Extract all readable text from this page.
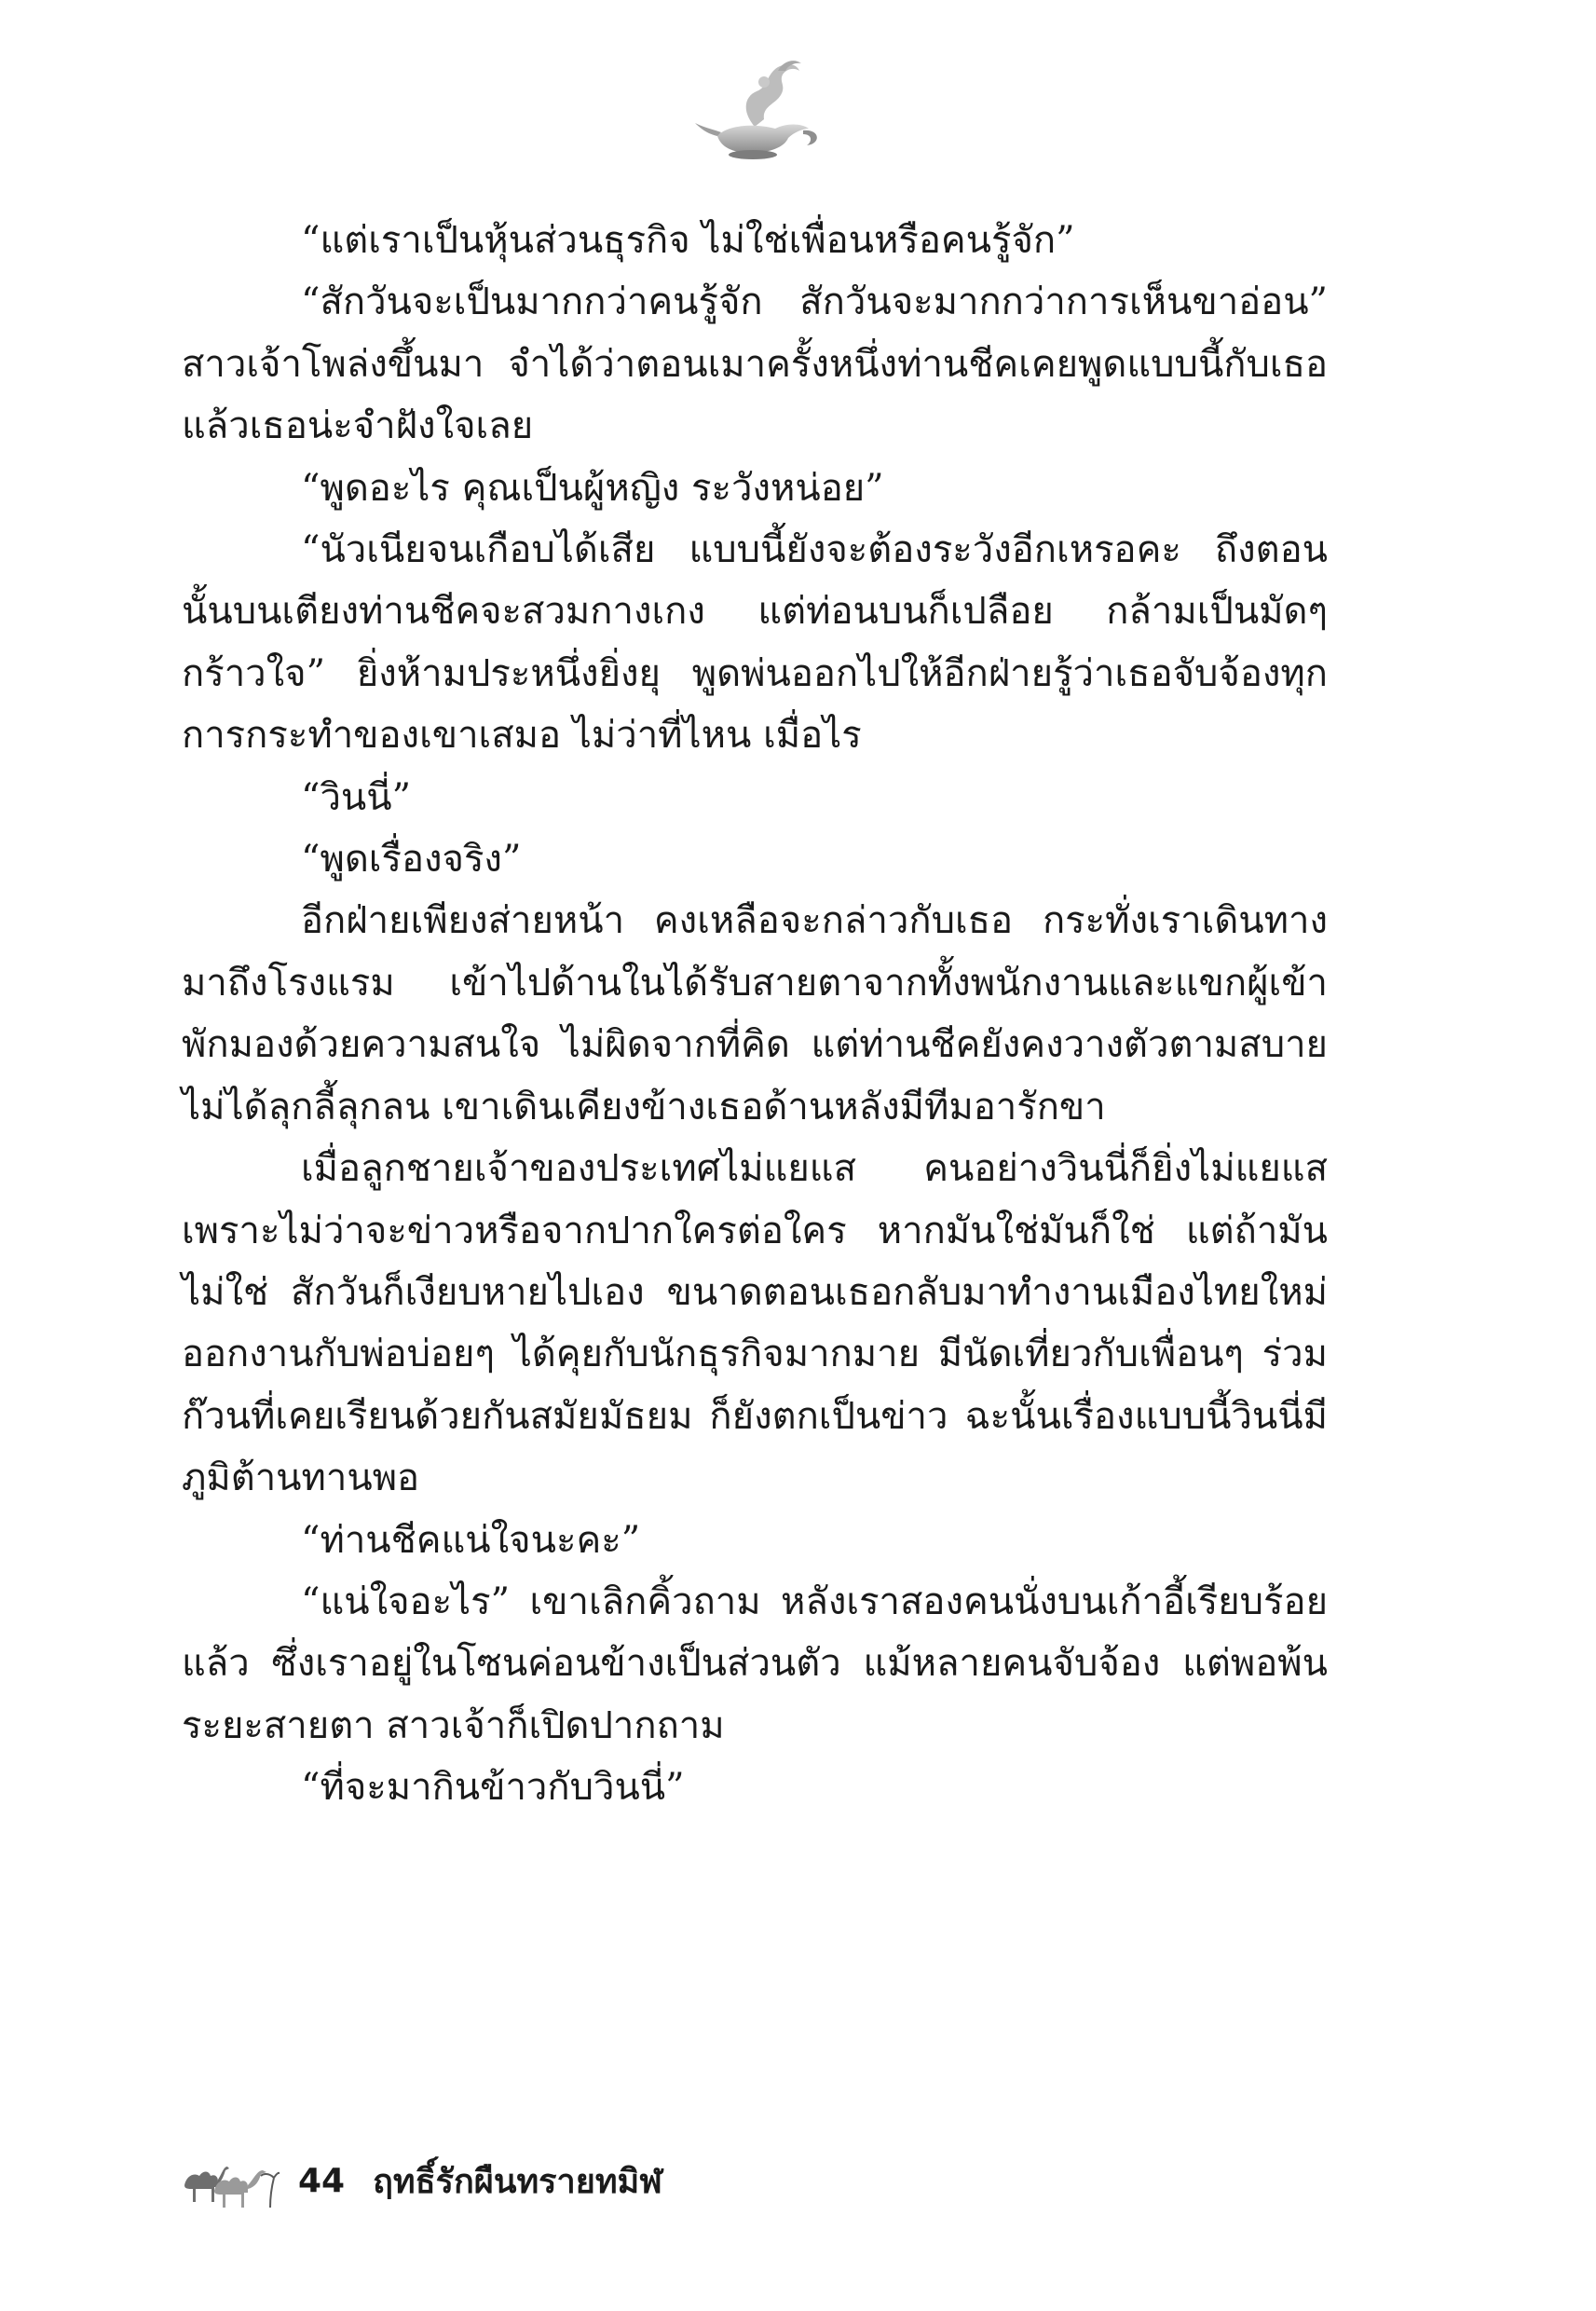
“แต่เราเป็นหุ้นส่วนธุรกิจ ไม่ใช่เพื่อนหรือคนรู้จัก”

“สักวันจะเป็นมากกว่าคนรู้จัก สักวันจะมากกว่าการเห็นขาอ่อน” สาวเจ้าโพล่งขึ้นมา จำได้ว่าตอนเมาครั้งหนึ่งท่านชีคเคยพูดแบบนี้กับเธอ แล้วเธอน่ะจำฝังใจเลย

“พูดอะไร คุณเป็นผู้หญิง ระวังหน่อย”

“นัวเนียจนเกือบได้เสีย แบบนี้ยังจะต้องระวังอีกเหรอคะ ถึงตอนนั้นบนเตียงท่านชีคจะสวมกางเกง แต่ท่อนบนก็เปลือย กล้ามเป็นมัดๆ กร้าวใจ” ยิ่งห้ามประหนึ่งยิ่งยุ พูดพ่นออกไปให้อีกฝ่ายรู้ว่าเธอจับจ้องทุกการกระทำของเขาเสมอ ไม่ว่าที่ไหน เมื่อไร

“วินนี่”

“พูดเรื่องจริง”

อีกฝ่ายเพียงส่ายหน้า คงเหลือจะกล่าวกับเธอ กระทั่งเราเดินทางมาถึงโรงแรม เข้าไปด้านในได้รับสายตาจากทั้งพนักงานและแขกผู้เข้าพักมองด้วยความสนใจ ไม่ผิดจากที่คิด แต่ท่านชีคยังคงวางตัวตามสบาย ไม่ได้ลุกลี้ลุกลน เขาเดินเคียงข้างเธอด้านหลังมีทีมอารักขา

เมื่อลูกชายเจ้าของประเทศไม่แยแส คนอย่างวินนี่ก็ยิ่งไม่แยแส เพราะไม่ว่าจะข่าวหรือจากปากใครต่อใคร หากมันใช่มันก็ใช่ แต่ถ้ามันไม่ใช่ สักวันก็เงียบหายไปเอง ขนาดตอนเธอกลับมาทำงานเมืองไทยใหม่ ออกงานกับพ่อบ่อยๆ ได้คุยกับนักธุรกิจมากมาย มีนัดเที่ยวกับเพื่อนๆ ร่วมก๊วนที่เคยเรียนด้วยกันสมัยมัธยม ก็ยังตกเป็นข่าว ฉะนั้นเรื่องแบบนี้วินนี่มีภูมิต้านทานพอ

“ท่านชีคแน่ใจนะคะ”

“แน่ใจอะไร” เขาเลิกคิ้วถาม หลังเราสองคนนั่งบนเก้าอี้เรียบร้อยแล้ว ซึ่งเราอยู่ในโซนค่อนข้างเป็นส่วนตัว แม้หลายคนจับจ้อง แต่พอพ้นระยะสายตา สาวเจ้าก็เปิดปากถาม

“ที่จะมากินข้าวกับวินนี่”

44 ฤทธิ์รักผืนทรายทมิฬ
